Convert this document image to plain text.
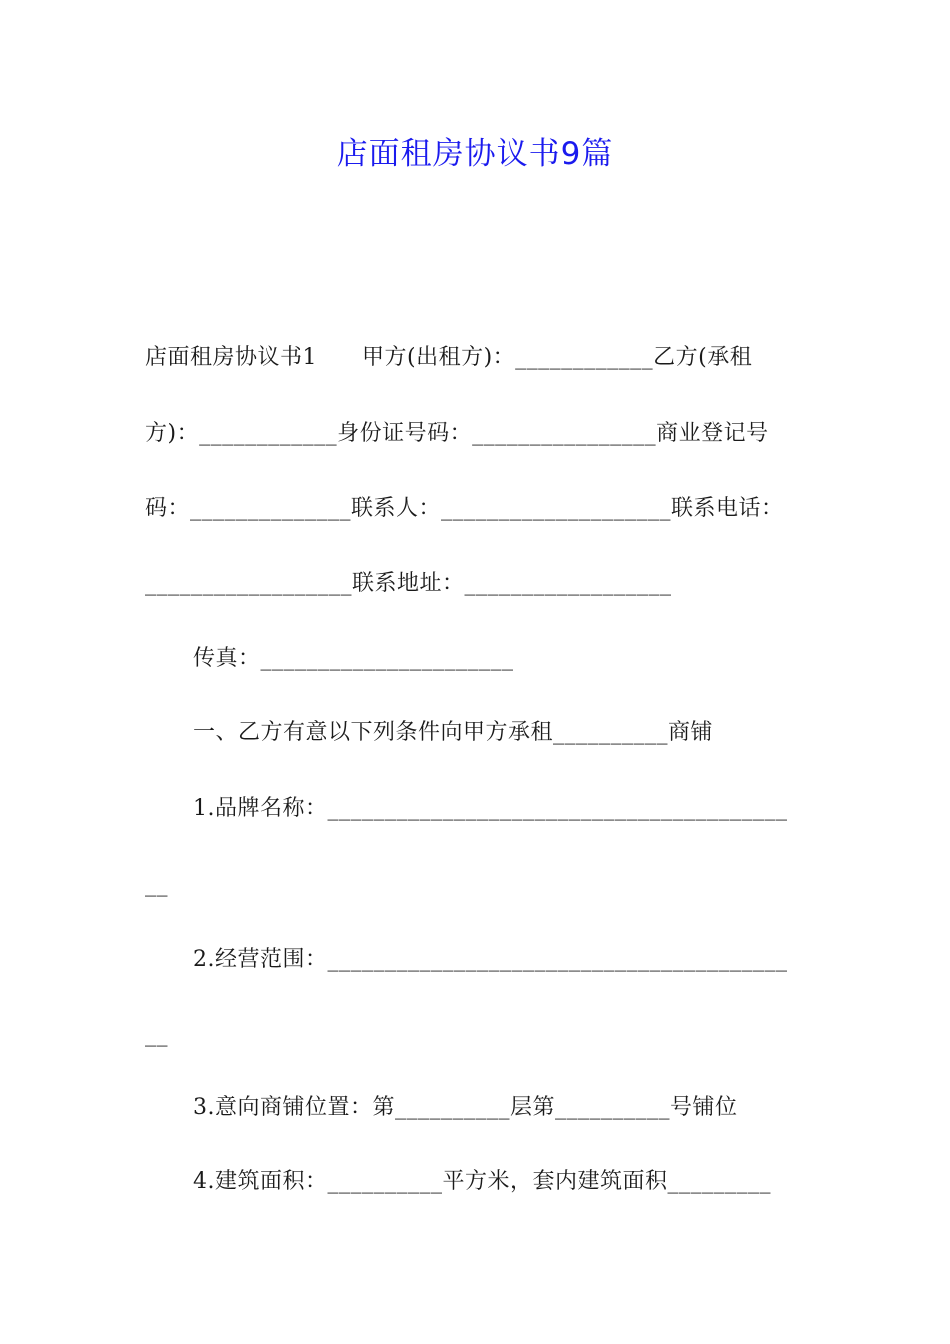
店面租房协议书9篇
店面租房协议书1　　甲方(出租方)：____________乙方(承租
方)：____________身份证号码：________________商业登记号
码：______________联系人：____________________联系电话：
__________________联系地址：__________________
传真：______________________
一、乙方有意以下列条件向甲方承租__________商铺
1.品牌名称：________________________________________
__
2.经营范围：________________________________________
__
3.意向商铺位置：第__________层第__________号铺位
4.建筑面积：__________平方米，套内建筑面积_________
